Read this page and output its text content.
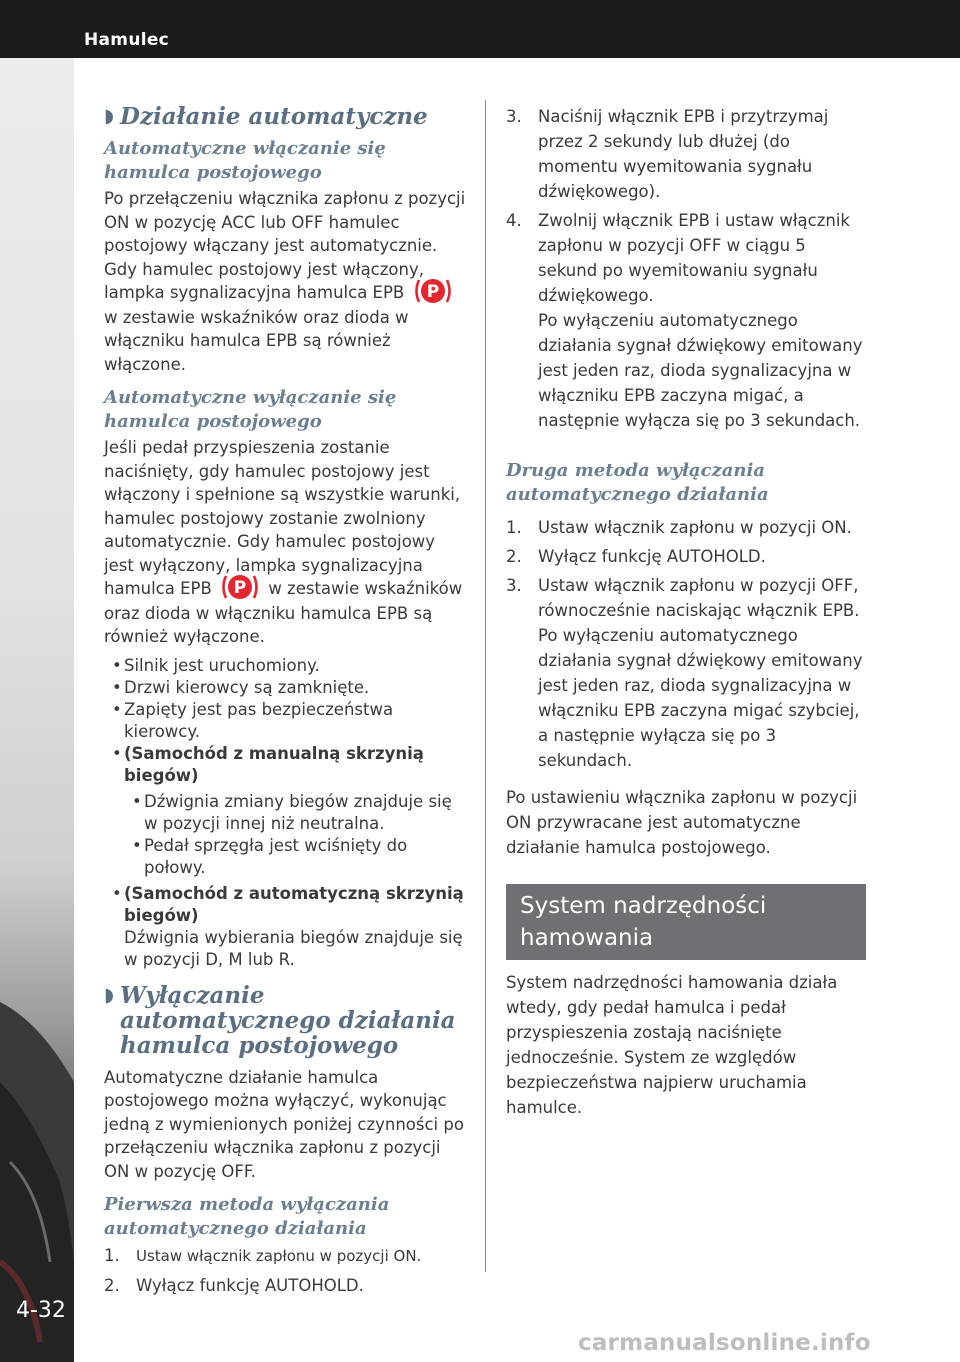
Hamulec
4-32
◗ Działanie automatyczne
Automatyczne włączanie się hamulca postojowego

Po przełączeniu włącznika zapłonu z pozycji ON w pozycję ACC lub OFF hamulec postojowy włączany jest automatycznie. Gdy hamulec postojowy jest włączony, lampka sygnalizacyjna hamulca EPB P
w zestawie wskaźników oraz dioda w włączniku hamulca EPB są również włączone.

Automatyczne wyłączanie się hamulca postojowego

Jeśli pedał przyspieszenia zostanie naciśnięty, gdy hamulec postojowy jest włączony i spełnione są wszystkie warunki, hamulec postojowy zostanie zwolniony automatycznie. Gdy hamulec postojowy jest wyłączony, lampka sygnalizacyjna hamulca EPB P w zestawie wskaźników oraz dioda w włączniku hamulca EPB są również wyłączone.

• Silnik jest uruchomiony.
• Drzwi kierowcy są zamknięte.
• Zapięty jest pas bezpieczeństwa kierowcy.
• (Samochód z manualną skrzynią biegów)
• Dźwignia zmiany biegów znajduje się w pozycji innej niż neutralna.
• Pedał sprzęgła jest wciśnięty do połowy.
• (Samochód z automatyczną skrzynią biegów)
Dźwignia wybierania biegów znajduje się w pozycji D, M lub R.
◗ Wyłączanie automatycznego działania hamulca postojowego

Automatyczne działanie hamulca postojowego można wyłączyć, wykonując jedną z wymienionych poniżej czynności po przełączeniu włącznika zapłonu z pozycji ON w pozycję OFF.

Pierwsza metoda wyłączania automatycznego działania
1. Ustaw włącznik zapłonu w pozycji ON.
2. Wyłącz funkcję AUTOHOLD.
3. Naciśnij włącznik EPB i przytrzymaj przez 2 sekundy lub dłużej (do momentu wyemitowania sygnału dźwiękowego).
4. Zwolnij włącznik EPB i ustaw włącznik zapłonu w pozycji OFF w ciągu 5 sekund po wyemitowaniu sygnału dźwiękowego.
Po wyłączeniu automatycznego działania sygnał dźwiękowy emitowany jest jeden raz, dioda sygnalizacyjna w włączniku EPB zaczyna migać, a następnie wyłącza się po 3 sekundach.
Druga metoda wyłączania automatycznego działania
1. Ustaw włącznik zapłonu w pozycji ON.
2. Wyłącz funkcję AUTOHOLD.
3. Ustaw włącznik zapłonu w pozycji OFF, równocześnie naciskając włącznik EPB.
Po wyłączeniu automatycznego działania sygnał dźwiękowy emitowany jest jeden raz, dioda sygnalizacyjna w włączniku EPB zaczyna migać szybciej, a następnie wyłącza się po 3 sekundach.

Po ustawieniu włącznika zapłonu w pozycji ON przywracane jest automatyczne działanie hamulca postojowego.

System nadrzędności hamowania

System nadrzędności hamowania działa wtedy, gdy pedał hamulca i pedał przyspieszenia zostają naciśnięte jednocześnie. System ze względów bezpieczeństwa najpierw uruchamia hamulce.

carmanualsonline.info
